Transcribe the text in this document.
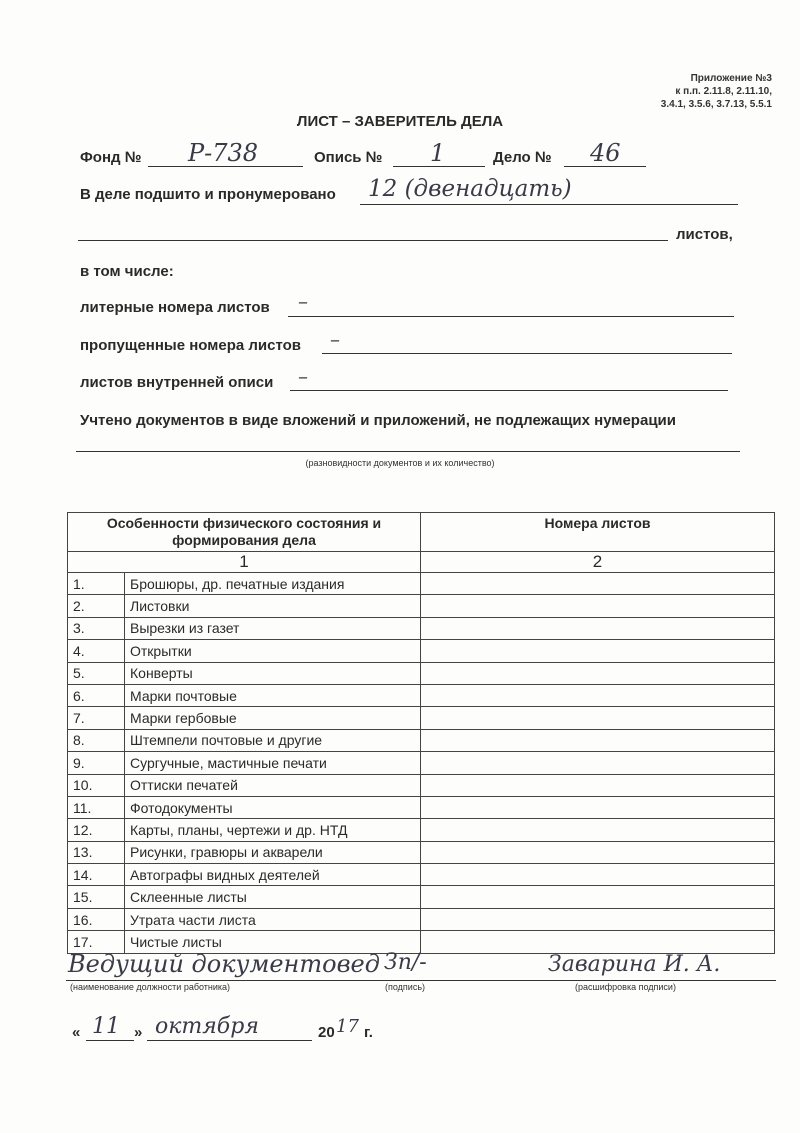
Приложение №3
к п.п. 2.11.8, 2.11.10,
3.4.1, 3.5.6, 3.7.13, 5.5.1
ЛИСТ – ЗАВЕРИТЕЛЬ ДЕЛА
Фонд № Р-738	Опись № 1	Дело № 46
В деле подшито и пронумеровано 12 (двенадцать)
листов,
в том числе:
литерные номера листов –
пропущенные номера листов –
листов внутренней описи –
Учтено документов в виде вложений и приложений, не подлежащих нумерации
(разновидности документов и их количество)
Особенности физического состояния и формирования дела		Номера листов
1		2
1.	Брошюры, др. печатные издания	
2.	Листовки	
3.	Вырезки из газет	
4.	Открытки	
5.	Конверты	
6.	Марки почтовые	
7.	Марки гербовые	
8.	Штемпели почтовые и другие	
9.	Сургучные, мастичные печати	
10.	Оттиски печатей	
11.	Фотодокументы	
12.	Карты, планы, чертежи и др. НТД	
13.	Рисунки, гравюры и акварели	
14.	Автографы видных деятелей	
15.	Склеенные листы	
16.	Утрата части листа	
17.	Чистые листы	
Ведущий документовед Зп/-	Заварина И. А.
(наименование должности работника)	(подпись)	(расшифровка подписи)
« 11 » октября	20 17 г.
